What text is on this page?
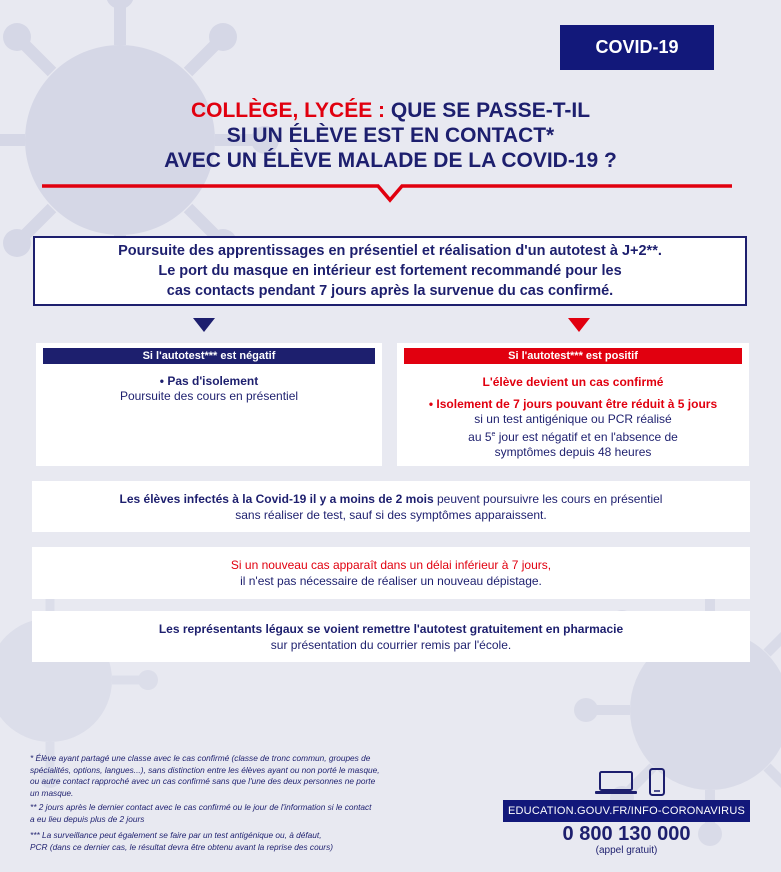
COVID-19
COLLÈGE, LYCÉE : QUE SE PASSE-T-IL
SI UN ÉLÈVE EST EN CONTACT*
AVEC UN ÉLÈVE MALADE DE LA COVID-19 ?
Poursuite des apprentissages en présentiel et réalisation d'un autotest à J+2**.
Le port du masque en intérieur est fortement recommandé pour les
cas contacts pendant 7 jours après la survenue du cas confirmé.
Si l'autotest*** est négatif
• Pas d'isolement
Poursuite des cours en présentiel
Si l'autotest*** est positif
L'élève devient un cas confirmé
• Isolement de 7 jours pouvant être réduit à 5 jours
si un test antigénique ou PCR réalisé
au 5e jour est négatif et en l'absence de
symptômes depuis 48 heures
Les élèves infectés à la Covid-19 il y a moins de 2 mois peuvent poursuivre les cours en présentiel
sans réaliser de test, sauf si des symptômes apparaissent.
Si un nouveau cas apparaît dans un délai inférieur à 7 jours,
il n'est pas nécessaire de réaliser un nouveau dépistage.
Les représentants légaux se voient remettre l'autotest gratuitement en pharmacie
sur présentation du courrier remis par l'école.
* Élève ayant partagé une classe avec le cas confirmé (classe de tronc commun, groupes de
spécialités, options, langues...), sans distinction entre les élèves ayant ou non porté le masque,
ou autre contact rapproché avec un cas confirmé sans que l'une des deux personnes ne porte
un masque.
** 2 jours après le dernier contact avec le cas confirmé ou le jour de l'information si le contact
a eu lieu depuis plus de 2 jours
*** La surveillance peut également se faire par un test antigénique ou, à défaut,
PCR (dans ce dernier cas, le résultat devra être obtenu avant la reprise des cours)
EDUCATION.GOUV.FR/INFO-CORONAVIRUS
0 800 130 000
(appel gratuit)
